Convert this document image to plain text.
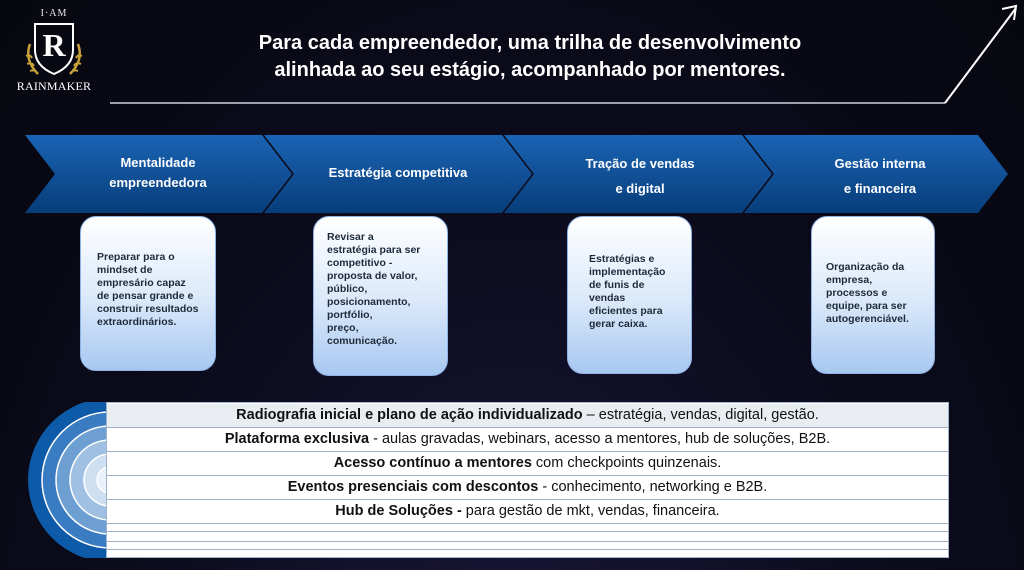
I·AM
R
RAINMAKER
Para cada empreendedor, uma trilha de desenvolvimento
alinhada ao seu estágio, acompanhado por mentores.
Mentalidade
empreendedora
Estratégia competitiva
Tração de vendas
e digital
Gestão interna
e financeira
Preparar para o
mindset de
empresário capaz
de pensar grande e
construir resultados
extraordinários.
Revisar a
estratégia para ser
competitivo -
proposta de valor,
público,
posicionamento,
portfólio,
preço,
comunicação.
Estratégias e
implementação
de funis de
vendas
eficientes para
gerar caixa.
Organização da
empresa,
processos e
equipe, para ser
autogerenciável.
Radiografia inicial e plano de ação individualizado – estratégia, vendas, digital, gestão.
Plataforma exclusiva - aulas gravadas, webinars, acesso a mentores, hub de soluções, B2B.
Acesso contínuo a mentores com checkpoints quinzenais.
Eventos presenciais com descontos - conhecimento, networking e B2B.
Hub de Soluções - para gestão de mkt, vendas, financeira.
